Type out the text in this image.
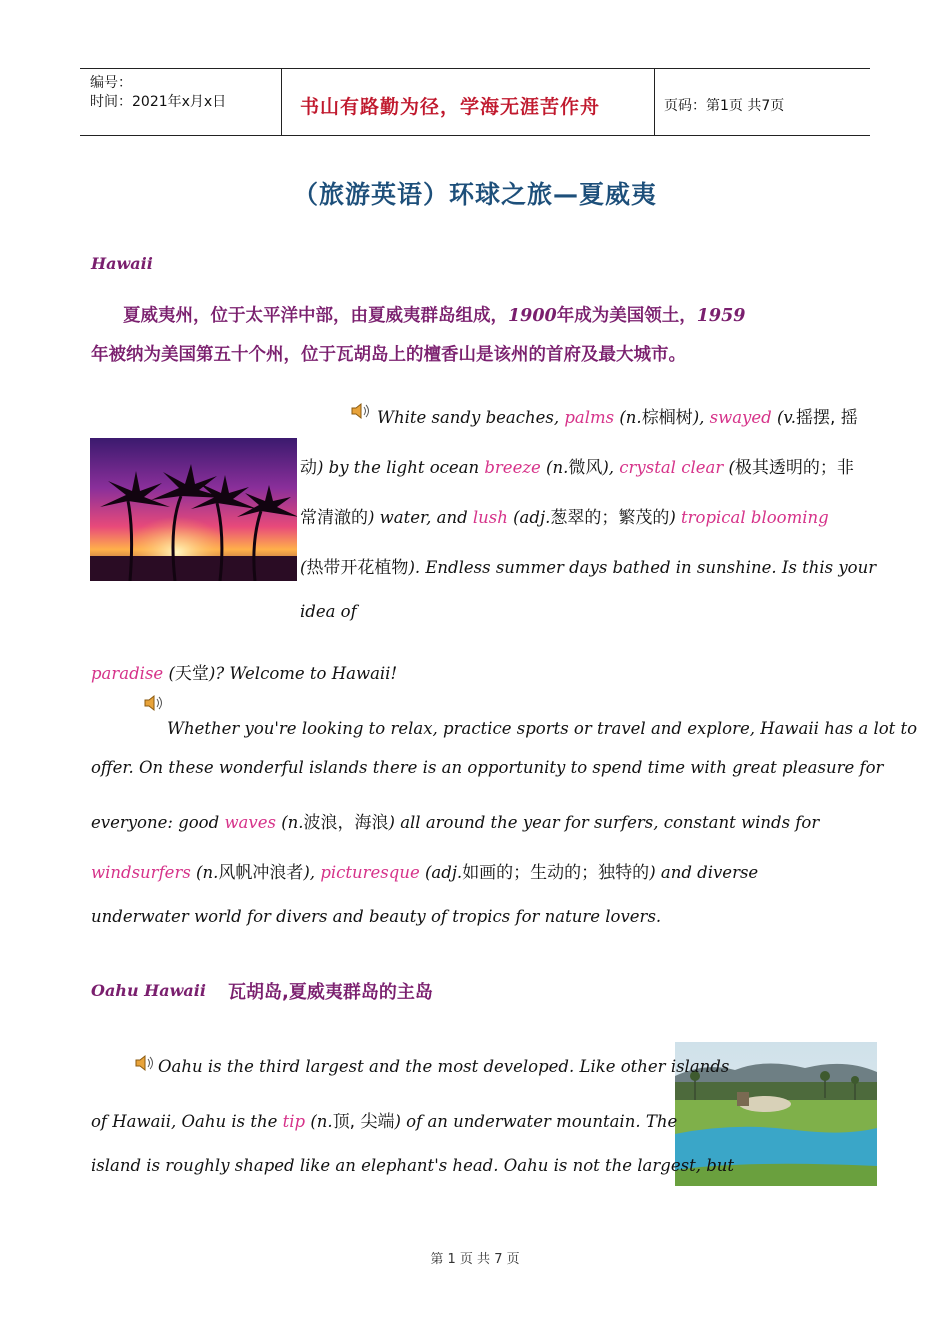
编号：
时间：2021年x月x日	书山有路勤为径，学海无涯苦作舟	页码：第1页 共7页
（旅游英语）环球之旅—夏威夷
Hawaii
夏威夷州，位于太平洋中部，由夏威夷群岛组成，1900年成为美国领土，1959
年被纳为美国第五十个州，位于瓦胡岛上的檀香山是该州的首府及最大城市。
White sandy beaches, palms (n.棕榈树), swayed (v.摇摆, 摇
动) by the light ocean breeze (n.微风), crystal clear (极其透明的；非
常清澈的) water, and lush (adj.葱翠的；繁茂的) tropical blooming
(热带开花植物). Endless summer days bathed in sunshine. Is this your
idea of
paradise (天堂)? Welcome to Hawaii!
Whether you're looking to relax, practice sports or travel and explore, Hawaii has a lot to
offer. On these wonderful islands there is an opportunity to spend time with great pleasure for
everyone: good waves (n.波浪，海浪) all around the year for surfers, constant winds for
windsurfers (n.风帆冲浪者), picturesque (adj.如画的；生动的；独特的) and diverse
underwater world for divers and beauty of tropics for nature lovers.
Oahu Hawaii 瓦胡岛,夏威夷群岛的主岛
Oahu is the third largest and the most developed. Like other islands
of Hawaii, Oahu is the tip (n.顶, 尖端) of an underwater mountain. The
island is roughly shaped like an elephant's head. Oahu is not the largest, but
第 1 页 共 7 页
